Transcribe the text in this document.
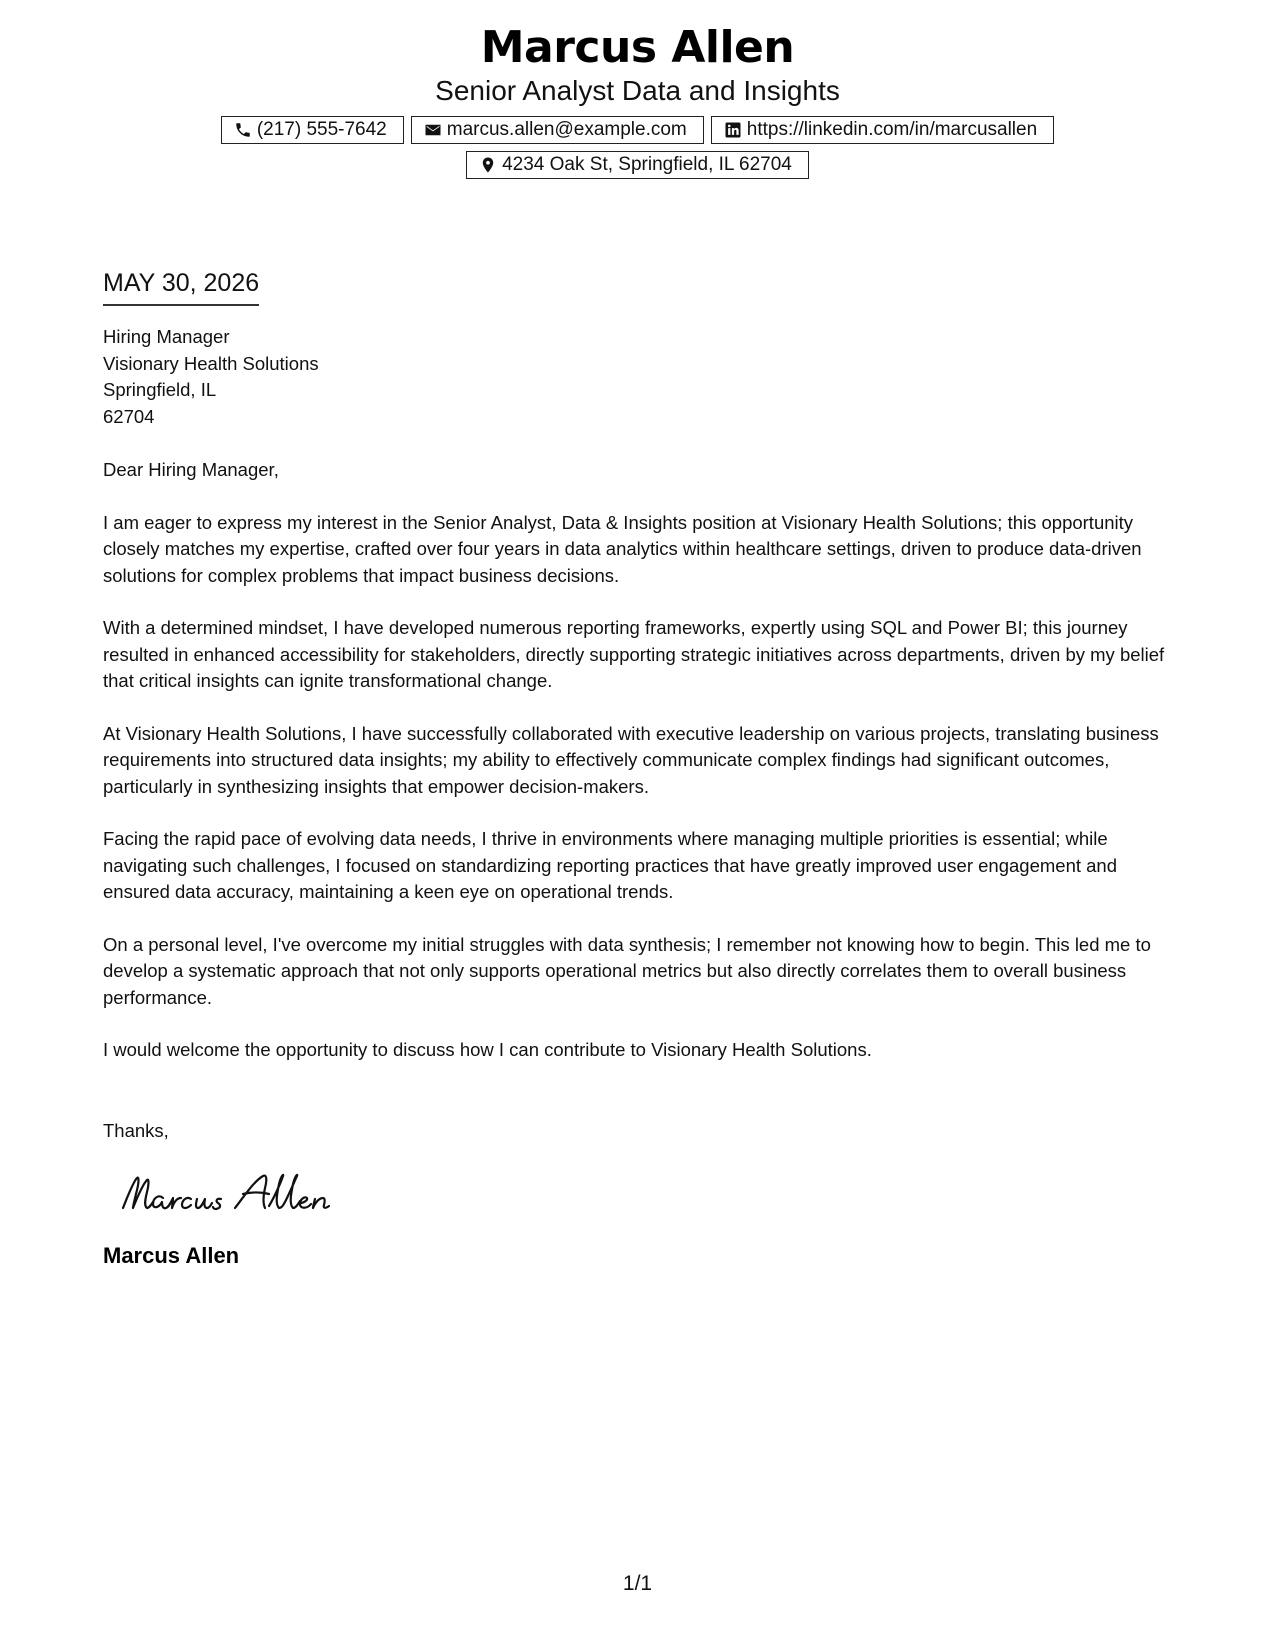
Marcus Allen
Senior Analyst Data and Insights
(217) 555-7642	marcus.allen@example.com	https://linkedin.com/in/marcusallen
4234 Oak St, Springfield, IL 62704
MAY 30, 2026
Hiring Manager
Visionary Health Solutions
Springfield, IL
62704
Dear Hiring Manager,
I am eager to express my interest in the Senior Analyst, Data & Insights position at Visionary Health Solutions; this opportunity closely matches my expertise, crafted over four years in data analytics within healthcare settings, driven to produce data-driven solutions for complex problems that impact business decisions.
With a determined mindset, I have developed numerous reporting frameworks, expertly using SQL and Power BI; this journey resulted in enhanced accessibility for stakeholders, directly supporting strategic initiatives across departments, driven by my belief that critical insights can ignite transformational change.
At Visionary Health Solutions, I have successfully collaborated with executive leadership on various projects, translating business requirements into structured data insights; my ability to effectively communicate complex findings had significant outcomes, particularly in synthesizing insights that empower decision-makers.
Facing the rapid pace of evolving data needs, I thrive in environments where managing multiple priorities is essential; while navigating such challenges, I focused on standardizing reporting practices that have greatly improved user engagement and ensured data accuracy, maintaining a keen eye on operational trends.
On a personal level, I've overcome my initial struggles with data synthesis; I remember not knowing how to begin. This led me to develop a systematic approach that not only supports operational metrics but also directly correlates them to overall business performance.
I would welcome the opportunity to discuss how I can contribute to Visionary Health Solutions.
Thanks,
Marcus Allen
1/1
